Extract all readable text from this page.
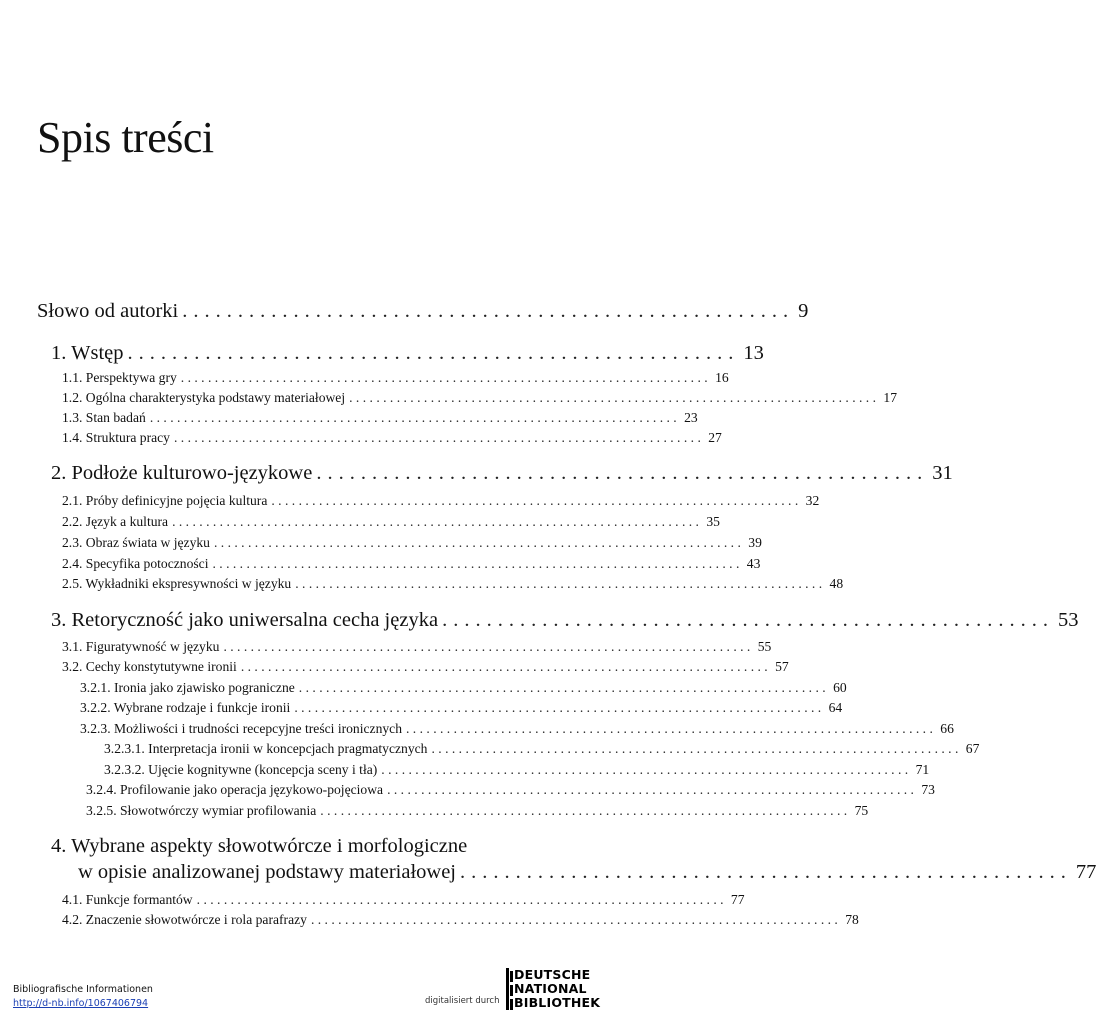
Spis treści
Słowo od autorki ....................................................... 9
1. Wstęp ....................................................... 13
1.1. Perspektywa gry .............................................................................. 16
1.2. Ogólna charakterystyka podstawy materiałowej .............................................................................. 17
1.3. Stan badań .............................................................................. 23
1.4. Struktura pracy .............................................................................. 27
2. Podłoże kulturowo-językowe ....................................................... 31
2.1. Próby definicyjne pojęcia kultura .............................................................................. 32
2.2. Język a kultura .............................................................................. 35
2.3. Obraz świata w języku .............................................................................. 39
2.4. Specyfika potoczności .............................................................................. 43
2.5. Wykładniki ekspresywności w języku .............................................................................. 48
3. Retoryczność jako uniwersalna cecha języka ....................................................... 53
3.1. Figuratywność w języku .............................................................................. 55
3.2. Cechy konstytutywne ironii .............................................................................. 57
3.2.1. Ironia jako zjawisko pograniczne .............................................................................. 60
3.2.2. Wybrane rodzaje i funkcje ironii .............................................................................. 64
3.2.3. Możliwości i trudności recepcyjne treści ironicznych .............................................................................. 66
3.2.3.1. Interpretacja ironii w koncepcjach pragmatycznych .............................................................................. 67
3.2.3.2. Ujęcie kognitywne (koncepcja sceny i tła) .............................................................................. 71
3.2.4. Profilowanie jako operacja językowo-pojęciowa .............................................................................. 73
3.2.5. Słowotwórczy wymiar profilowania .............................................................................. 75
4. Wybrane aspekty słowotwórcze i morfologiczne
w opisie analizowanej podstawy materiałowej ....................................................... 77
4.1. Funkcje formantów .............................................................................. 77
4.2. Znaczenie słowotwórcze i rola parafrazy .............................................................................. 78
Bibliografische Informationen
http://d-nb.info/1067406794	digitalisiert durch
DEUTSCHE
NATIONAL
BIBLIOTHEK
